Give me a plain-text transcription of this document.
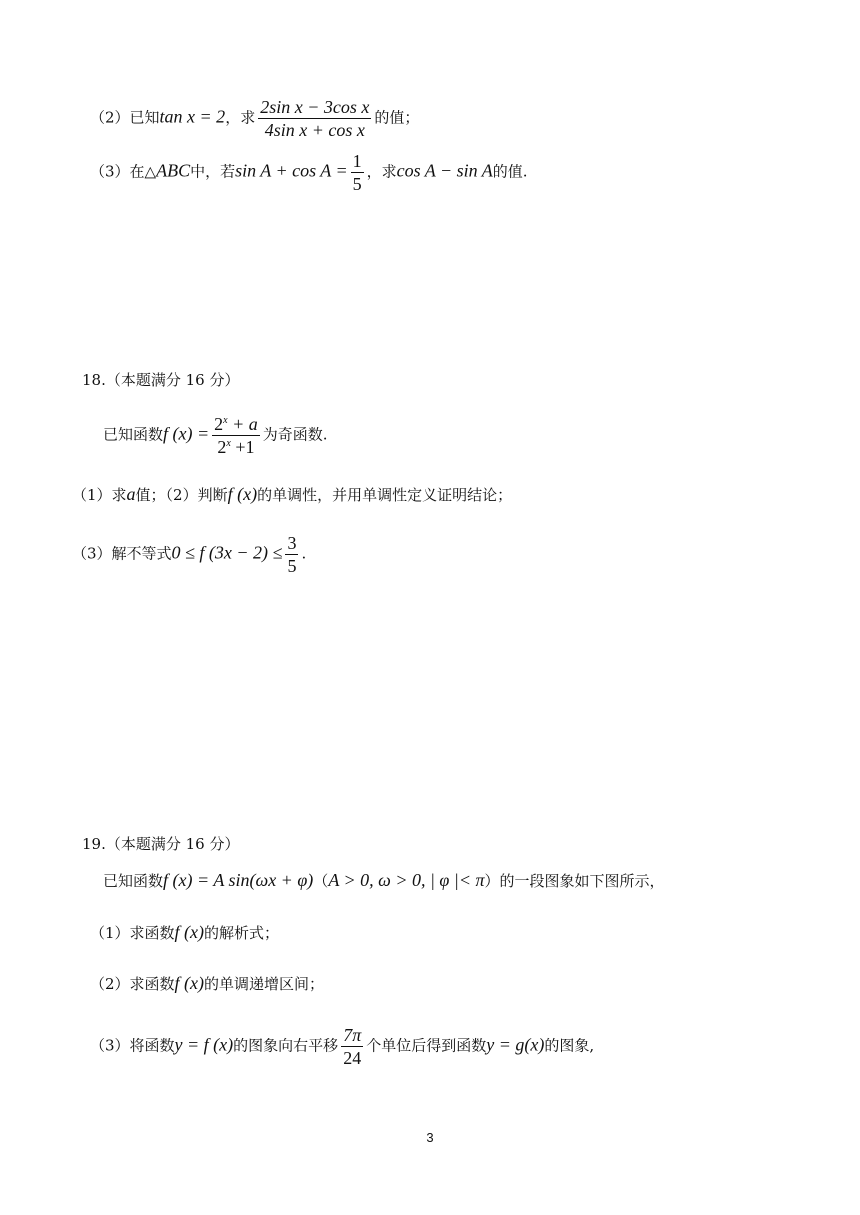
（2）已知tan x = 2，求 $\frac{\text{2sin x − 3cos x}}{\text{4sin x + cos x}}$ 的值；
（3）在△ABC中，若$\sin A + \cos A = \frac{1}{5}$ ，求cos A − sin A的值.
18.（本题满分 16 分）
已知函数f $(x) = \frac{2^x + a}{2^x +1}$ 为奇函数.
（1）求a值；（2）判断f (x)的单调性，并用单调性定义证明结论；
（3）解不等式0 ≤ f $(3x - 2) \le \frac{3}{5}$ .
19.（本题满分 16 分）
已知函数f (x) = A sin(ωx + φ)（A > 0, ω > 0, | φ |< π）的一段图象如下图所示，
（1）求函数f (x)的解析式；
（2）求函数f (x)的单调递增区间；
（3）将函数y = f (x)的图象向右平移 $\frac{7\pi}{24}$ 个单位后得到函数y = g(x)的图象,
3
